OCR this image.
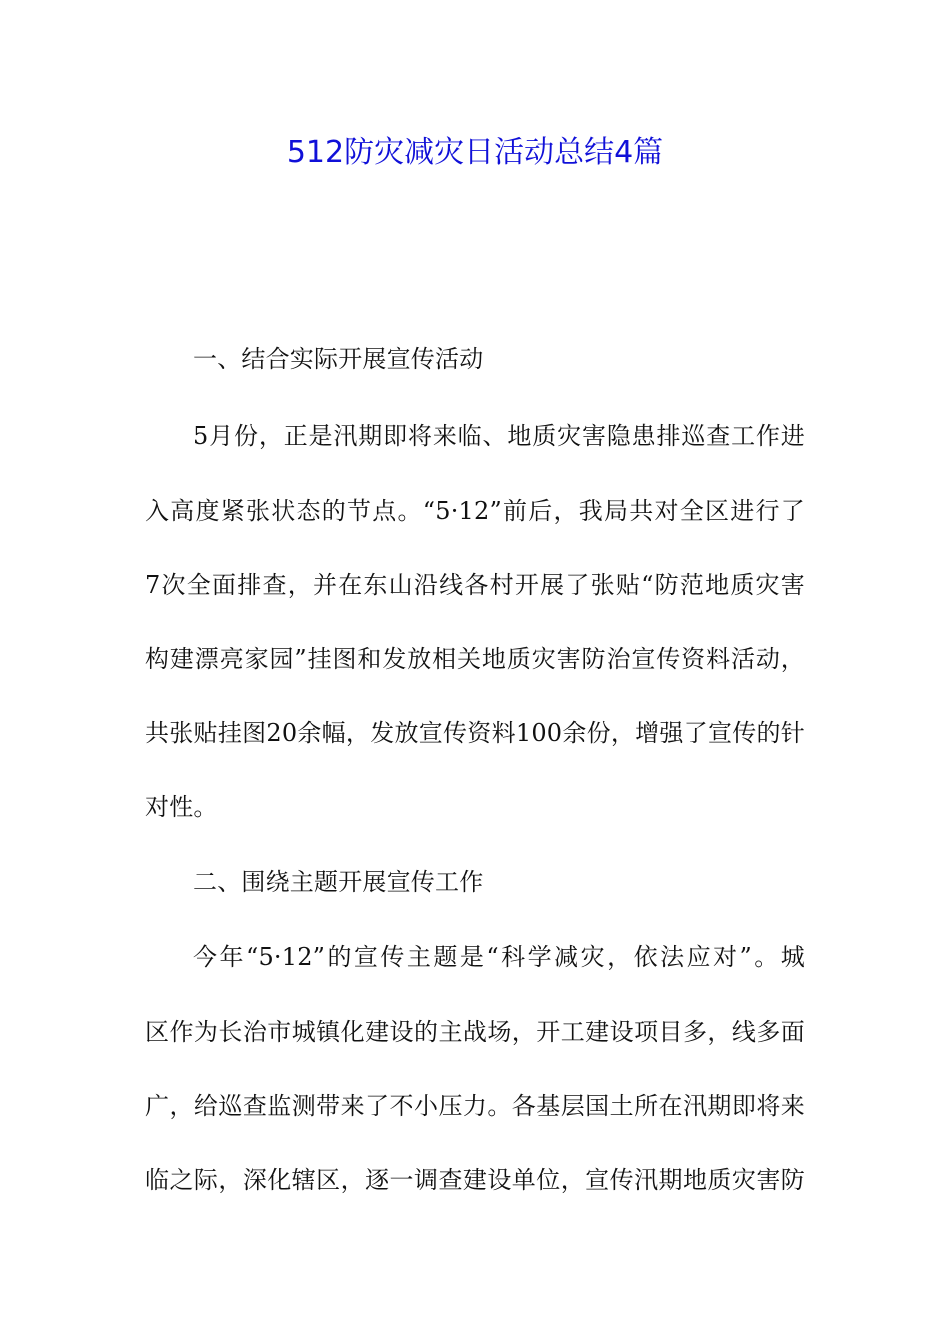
512防灾减灾日活动总结4篇
一、结合实际开展宣传活动
5月份，正是汛期即将来临、地质灾害隐患排巡查工作进
入高度紧张状态的节点。“5·12”前后，我局共对全区进行了
7次全面排查，并在东山沿线各村开展了张贴“防范地质灾害
构建漂亮家园”挂图和发放相关地质灾害防治宣传资料活动，
共张贴挂图20余幅，发放宣传资料100余份，增强了宣传的针
对性。
二、围绕主题开展宣传工作
今年“5·12”的宣传主题是“科学减灾，依法应对”。城
区作为长治市城镇化建设的主战场，开工建设项目多，线多面
广，给巡查监测带来了不小压力。各基层国土所在汛期即将来
临之际，深化辖区，逐一调查建设单位，宣传汛期地质灾害防
